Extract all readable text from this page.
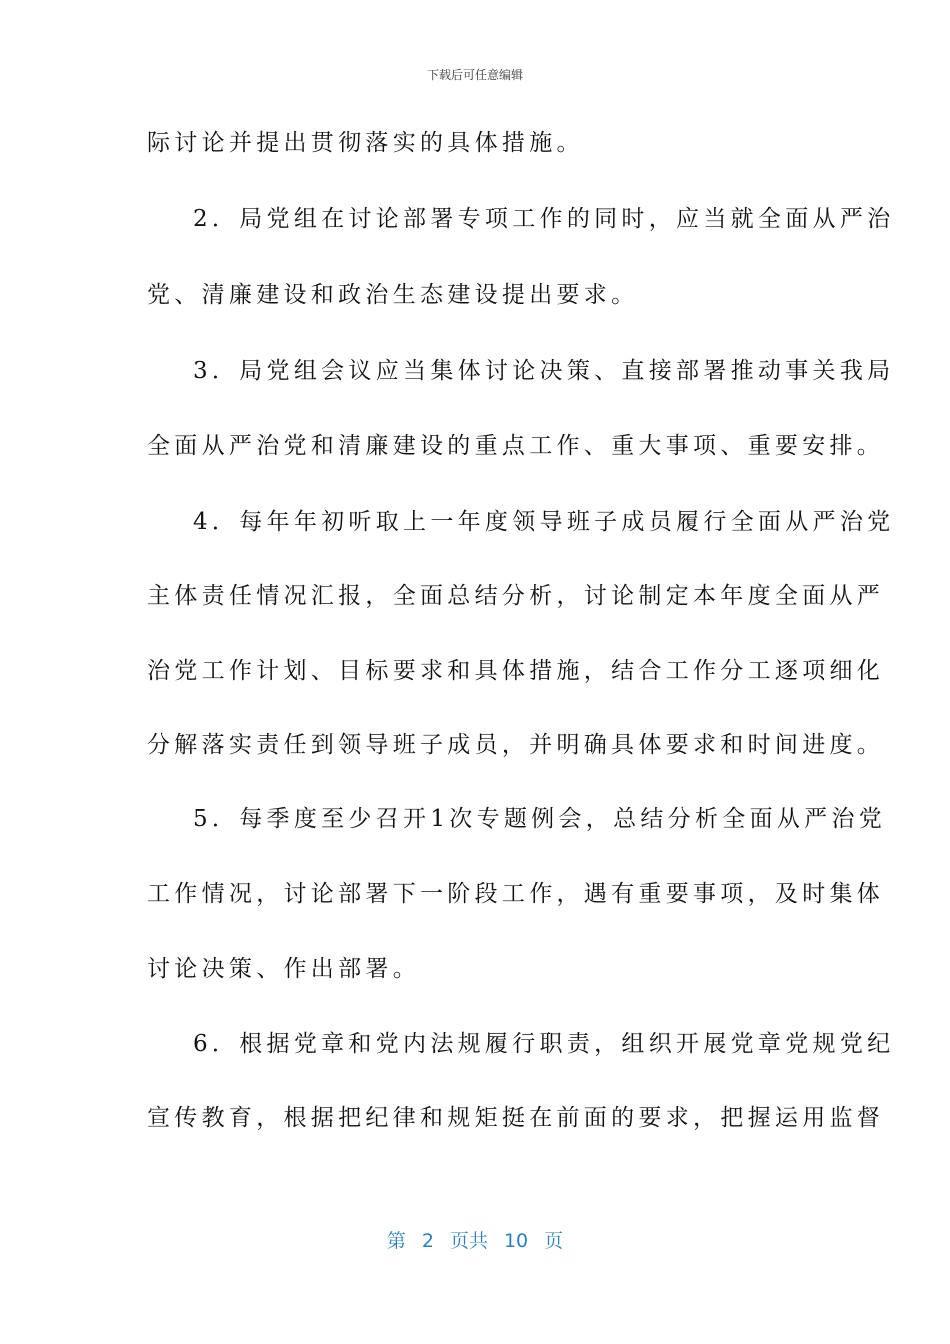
下载后可任意编辑
际讨论并提出贯彻落实的具体措施。
2．局党组在讨论部署专项工作的同时，应当就全面从严治
党、清廉建设和政治生态建设提出要求。
3．局党组会议应当集体讨论决策、直接部署推动事关我局
全面从严治党和清廉建设的重点工作、重大事项、重要安排。
4．每年年初听取上一年度领导班子成员履行全面从严治党
主体责任情况汇报，全面总结分析，讨论制定本年度全面从严
治党工作计划、目标要求和具体措施，结合工作分工逐项细化
分解落实责任到领导班子成员，并明确具体要求和时间进度。
5．每季度至少召开1次专题例会，总结分析全面从严治党
工作情况，讨论部署下一阶段工作，遇有重要事项，及时集体
讨论决策、作出部署。
6．根据党章和党内法规履行职责，组织开展党章党规党纪
宣传教育，根据把纪律和规矩挺在前面的要求，把握运用监督
第 2 页共 10 页
